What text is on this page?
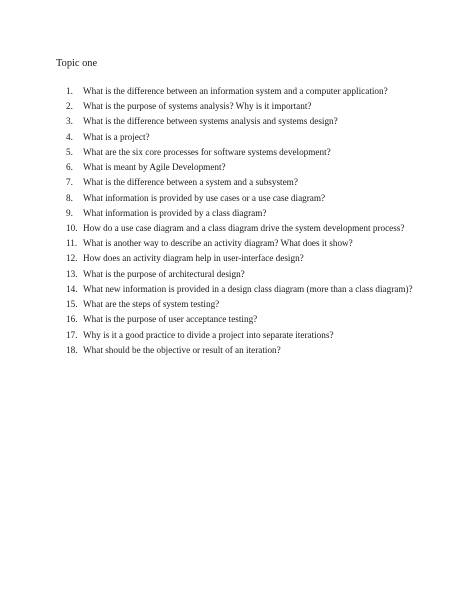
Topic one
1.	What is the difference between an information system and a computer application?
2.	What is the purpose of systems analysis? Why is it important?
3.	What is the difference between systems analysis and systems design?
4.	What is a project?
5.	What are the six core processes for software systems development?
6.	What is meant by Agile Development?
7.	What is the difference between a system and a subsystem?
8.	What information is provided by use cases or a use case diagram?
9.	What information is provided by a class diagram?
10. How do a use case diagram and a class diagram drive the system development process?
11. What is another way to describe an activity diagram? What does it show?
12. How does an activity diagram help in user-interface design?
13. What is the purpose of architectural design?
14. What new information is provided in a design class diagram (more than a class diagram)?
15. What are the steps of system testing?
16. What is the purpose of user acceptance testing?
17. Why is it a good practice to divide a project into separate iterations?
18. What should be the objective or result of an iteration?
